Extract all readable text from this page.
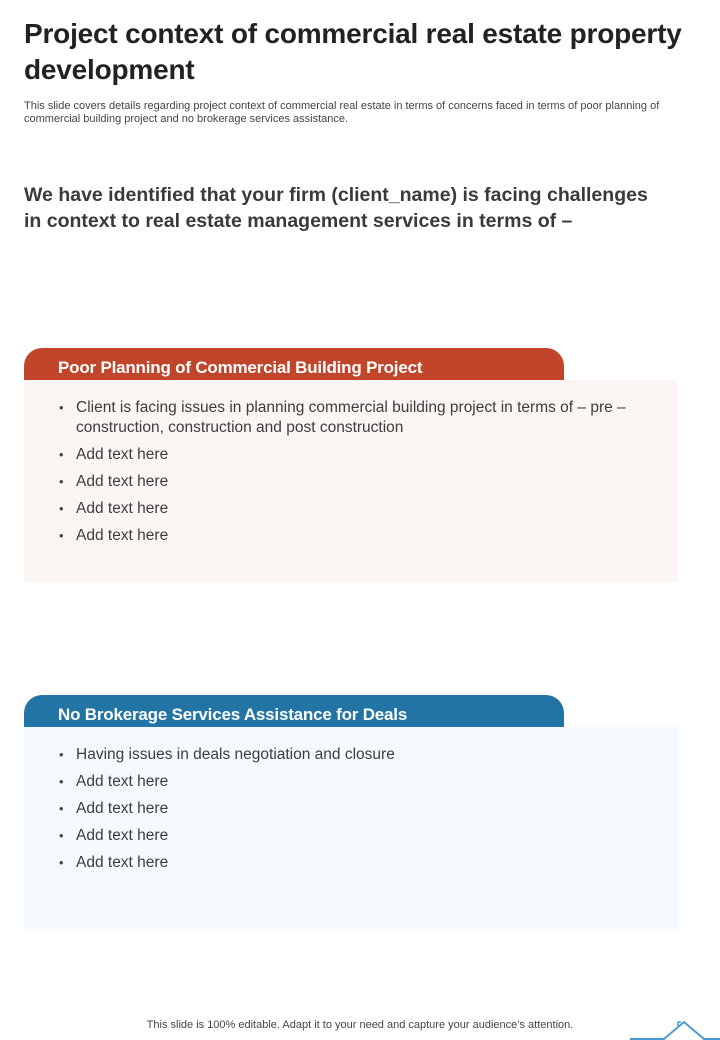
Project context of commercial real estate property development

This slide covers details regarding project context of commercial real estate in terms of concerns faced in terms of poor planning of commercial building project and no brokerage services assistance.

We have identified that your firm (client_name) is facing challenges in context to real estate management services in terms of –

Poor Planning of Commercial Building Project
• Client is facing issues in planning commercial building project in terms of – pre –construction, construction and post construction
• Add text here
• Add text here
• Add text here
• Add text here
No Brokerage Services Assistance for Deals
• Having issues in deals negotiation and closure
• Add text here
• Add text here
• Add text here
• Add text here
This slide is 100% editable. Adapt it to your need and capture your audience’s attention.
